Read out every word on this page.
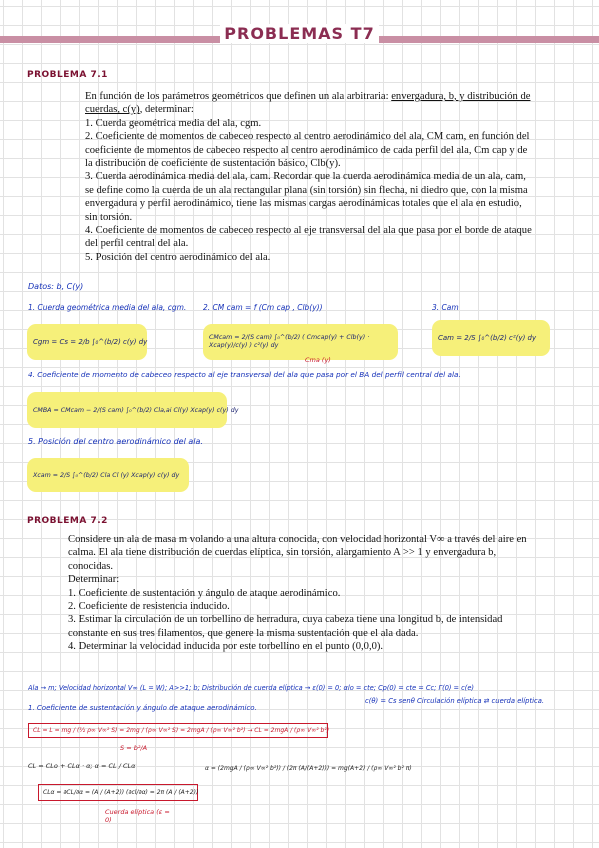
PROBLEMAS T7
PROBLEMA 7.1

En función de los parámetros geométricos que definen un ala arbitraria: envergadura, b, y distribución de cuerdas, c(y), determinar:

1. Cuerda geométrica media del ala, cgm.

2. Coeficiente de momentos de cabeceo respecto al centro aerodinámico del ala, CM cam, en función del coeficiente de momentos de cabeceo respecto al centro aerodinámico de cada perfil del ala, Cm cap y de la distribución de coeficiente de sustentación básico, Clb(y).

3. Cuerda aerodinámica media del ala, cam. Recordar que la cuerda aerodinámica media de un ala, cam, se define como la cuerda de un ala rectangular plana (sin torsión) sin flecha, ni diedro que, con la misma envergadura y perfil aerodinámico, tiene las mismas cargas aerodinámicas totales que el ala en estudio, sin torsión.

4. Coeficiente de momentos de cabeceo respecto al eje transversal del ala que pasa por el borde de ataque del perfil central del ala.

5. Posición del centro aerodinámico del ala.

Datos: b, C(y)
1. Cuerda geométrica media del ala, cgm. 2. CM cam = f (Cm cap , Clb(y))	3. Cam
Cgm = Cs = 2/b ∫₀^(b/2) c(y) dy
CMcam = 2/(S cam) ∫₀^(b/2) ( Cmcap(y) + Clb(y) · Xcap(y)/c(y) ) c²(y) dy
Cma (y)
Cam = 2/S ∫₀^(b/2) c²(y) dy
4. Coeficiente de momento de cabeceo respecto al eje transversal del ala que pasa por el BA del perfil central del ala.
CMBA = CMcam − 2/(S cam) ∫₀^(b/2) Cla,ai Cl(y) Xcap(y) c(y) dy
5. Posición del centro aerodinámico del ala.
Xcam = 2/S ∫₀^(b/2) Cla Cl (y) Xcap(y) c(y) dy
PROBLEMA 7.2

Considere un ala de masa m volando a una altura conocida, con velocidad horizontal V∞ a través del aire en calma. El ala tiene distribución de cuerdas elíptica, sin torsión, alargamiento A >> 1 y envergadura b, conocidas.

Determinar:

1. Coeficiente de sustentación y ángulo de ataque aerodinámico.

2. Coeficiente de resistencia inducido.

3. Estimar la circulación de un torbellino de herradura, cuya cabeza tiene una longitud b, de intensidad constante en sus tres filamentos, que genere la misma sustentación que el ala dada.

4. Determinar la velocidad inducida por este torbellino en el punto (0,0,0).

Ala → m; Velocidad horizontal V∞ (L = W); A>>1; b; Distribución de cuerda elíptica → ε(0) = 0; αlo = cte; Cp(0) = cte = Cc; Γ(0) = c(e)
c(θ) = Cs senθ Circulación elíptica ⇄ cuerda elíptica.
1. Coeficiente de sustentación y ángulo de ataque aerodinámico.
CL = L = mg / (½ ρ∞ V∞² S) = 2mg / (ρ∞ V∞² S) = 2mgA / (ρ∞ V∞² b²) → CL = 2mgA / (ρ∞ V∞² b²)
S = b²/A
CL = CLo + CLα · α; α = CL / CLα
CLα = ∂CL/∂α = (A / (A+2)) (∂cl/∂α) = 2π (A / (A+2))
Cuerda elíptica (ε = 0)
α = (2mgA / (ρ∞ V∞² b²)) / (2π (A/(A+2))) = mg(A+2) / (ρ∞ V∞² b² π)
